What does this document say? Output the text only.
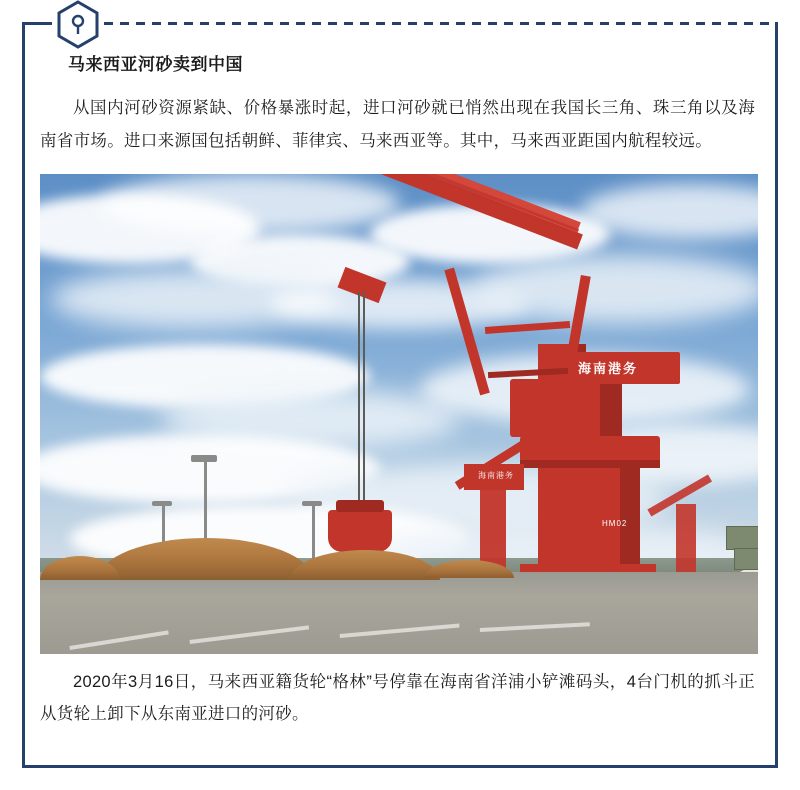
马来西亚河砂卖到中国

从国内河砂资源紧缺、价格暴涨时起，进口河砂就已悄然出现在我国长三角、珠三角以及海南省市场。进口来源国包括朝鲜、菲律宾、马来西亚等。其中，马来西亚距国内航程较远。

海南港务
HM02
海南港务

2020年3月16日，马来西亚籍货轮“格林”号停靠在海南省洋浦小铲滩码头，4台门机的抓斗正从货轮上卸下从东南亚进口的河砂。
